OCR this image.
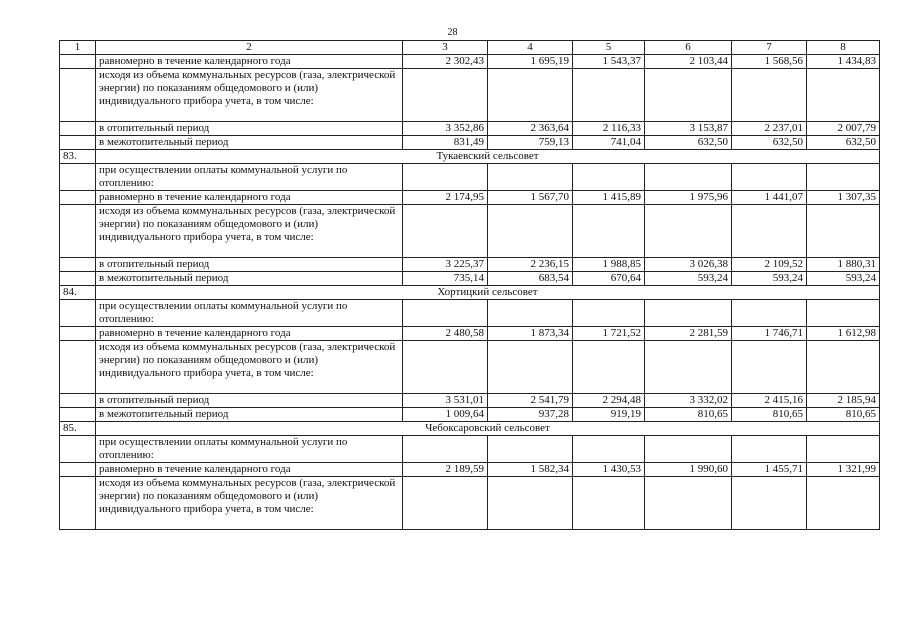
28
1	2	3	4	5	6	7	8
	равномерно в течение календарного года	2 302,43	1 695,19	1 543,37	2 103,44	1 568,56	1 434,83
	исходя из объема коммунальных ресурсов (газа, электрической энергии) по показаниям общедомового и (или) индивидуального прибора учета, в том числе:						
	в отопительный период	3 352,86	2 363,64	2 116,33	3 153,87	2 237,01	2 007,79
	в межотопительный период	831,49	759,13	741,04	632,50	632,50	632,50
83.	Тукаевский сельсовет						
	при осуществлении оплаты коммунальной услуги по отоплению:						
	равномерно в течение календарного года	2 174,95	1 567,70	1 415,89	1 975,96	1 441,07	1 307,35
	исходя из объема коммунальных ресурсов (газа, электрической энергии) по показаниям общедомового и (или) индивидуального прибора учета, в том числе:						
	в отопительный период	3 225,37	2 236,15	1 988,85	3 026,38	2 109,52	1 880,31
	в межотопительный период	735,14	683,54	670,64	593,24	593,24	593,24
84.	Хортицкий сельсовет						
	при осуществлении оплаты коммунальной услуги по отоплению:						
	равномерно в течение календарного года	2 480,58	1 873,34	1 721,52	2 281,59	1 746,71	1 612,98
	исходя из объема коммунальных ресурсов (газа, электрической энергии) по показаниям общедомового и (или) индивидуального прибора учета, в том числе:						
	в отопительный период	3 531,01	2 541,79	2 294,48	3 332,02	2 415,16	2 185,94
	в межотопительный период	1 009,64	937,28	919,19	810,65	810,65	810,65
85.	Чебоксаровский сельсовет						
	при осуществлении оплаты коммунальной услуги по отоплению:						
	равномерно в течение календарного года	2 189,59	1 582,34	1 430,53	1 990,60	1 455,71	1 321,99
	исходя из объема коммунальных ресурсов (газа, электрической энергии) по показаниям общедомового и (или) индивидуального прибора учета, в том числе:						
